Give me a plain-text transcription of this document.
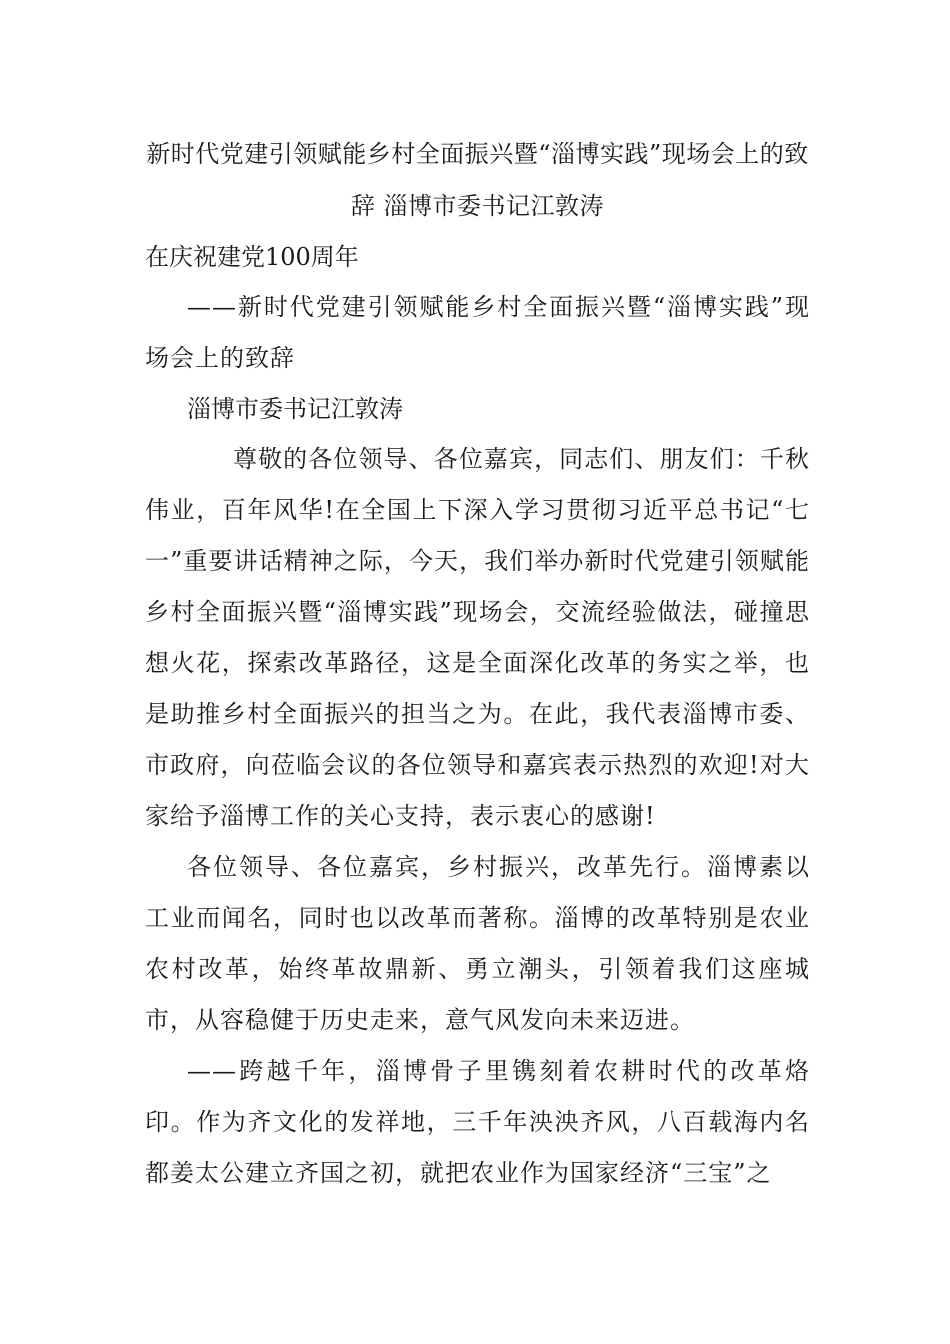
新时代党建引领赋能乡村全面振兴暨“淄博实践”现场会上的致辞 淄博市委书记江敦涛

在庆祝建党100周年

——新时代党建引领赋能乡村全面振兴暨“淄博实践”现场会上的致辞

淄博市委书记江敦涛

尊敬的各位领导、各位嘉宾，同志们、朋友们：千秋伟业，百年风华!在全国上下深入学习贯彻习近平总书记“七一”重要讲话精神之际，今天，我们举办新时代党建引领赋能乡村全面振兴暨“淄博实践”现场会，交流经验做法，碰撞思想火花，探索改革路径，这是全面深化改革的务实之举，也是助推乡村全面振兴的担当之为。在此，我代表淄博市委、市政府，向莅临会议的各位领导和嘉宾表示热烈的欢迎!对大家给予淄博工作的关心支持，表示衷心的感谢!

各位领导、各位嘉宾，乡村振兴，改革先行。淄博素以工业而闻名，同时也以改革而著称。淄博的改革特别是农业农村改革，始终革故鼎新、勇立潮头，引领着我们这座城市，从容稳健于历史走来，意气风发向未来迈进。

——跨越千年，淄博骨子里镌刻着农耕时代的改革烙印。作为齐文化的发祥地，三千年泱泱齐风，八百载海内名都姜太公建立齐国之初，就把农业作为国家经济“三宝”之
